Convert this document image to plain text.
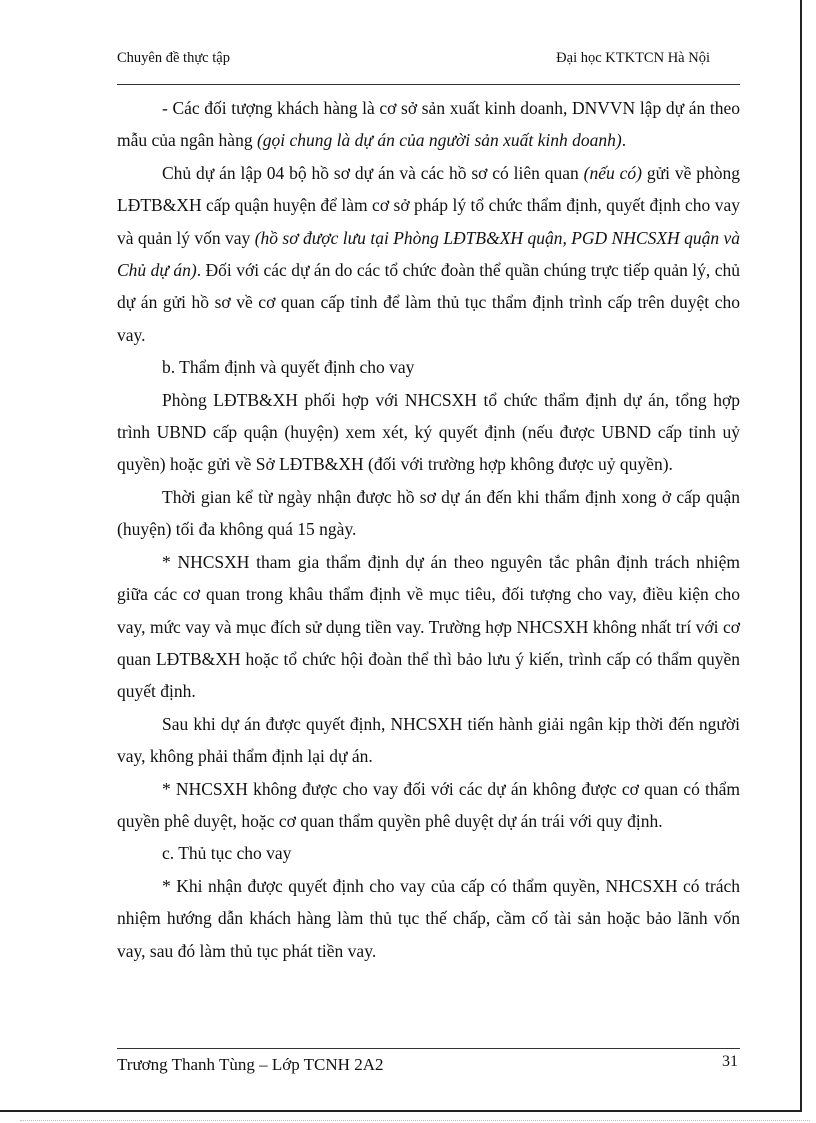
Chuyên đề thực tập	Đại học KTKTCN Hà Nội

- Các đối tượng khách hàng là cơ sở sản xuất kinh doanh, DNVVN lập dự án theo mẫu của ngân hàng (gọi chung là dự án của người sản xuất kinh doanh).

Chủ dự án lập 04 bộ hồ sơ dự án và các hồ sơ có liên quan (nếu có) gửi về phòng LĐTB&XH cấp quận huyện để làm cơ sở pháp lý tổ chức thẩm định, quyết định cho vay và quản lý vốn vay (hồ sơ được lưu tại Phòng LĐTB&XH quận, PGD NHCSXH quận và Chủ dự án). Đối với các dự án do các tổ chức đoàn thể quần chúng trực tiếp quản lý, chủ dự án gửi hồ sơ về cơ quan cấp tỉnh để làm thủ tục thẩm định trình cấp trên duyệt cho vay.

b. Thẩm định và quyết định cho vay

Phòng LĐTB&XH phối hợp với NHCSXH tổ chức thẩm định dự án, tổng hợp trình UBND cấp quận (huyện) xem xét, ký quyết định (nếu được UBND cấp tỉnh uỷ quyền) hoặc gửi về Sở LĐTB&XH (đối với trường hợp không được uỷ quyền).

Thời gian kể từ ngày nhận được hồ sơ dự án đến khi thẩm định xong ở cấp quận (huyện) tối đa không quá 15 ngày.

* NHCSXH tham gia thẩm định dự án theo nguyên tắc phân định trách nhiệm giữa các cơ quan trong khâu thẩm định về mục tiêu, đối tượng cho vay, điều kiện cho vay, mức vay và mục đích sử dụng tiền vay. Trường hợp NHCSXH không nhất trí với cơ quan LĐTB&XH hoặc tổ chức hội đoàn thể thì bảo lưu ý kiến, trình cấp có thẩm quyền quyết định.

Sau khi dự án được quyết định, NHCSXH tiến hành giải ngân kịp thời đến người vay, không phải thẩm định lại dự án.

* NHCSXH không được cho vay đối với các dự án không được cơ quan có thẩm quyền phê duyệt, hoặc cơ quan thẩm quyền phê duyệt dự án trái với quy định.

c. Thủ tục cho vay

* Khi nhận được quyết định cho vay của cấp có thẩm quyền, NHCSXH có trách nhiệm hướng dẫn khách hàng làm thủ tục thế chấp, cầm cố tài sản hoặc bảo lãnh vốn vay, sau đó làm thủ tục phát tiền vay.

Trương Thanh Tùng – Lớp TCNH 2A2	31
